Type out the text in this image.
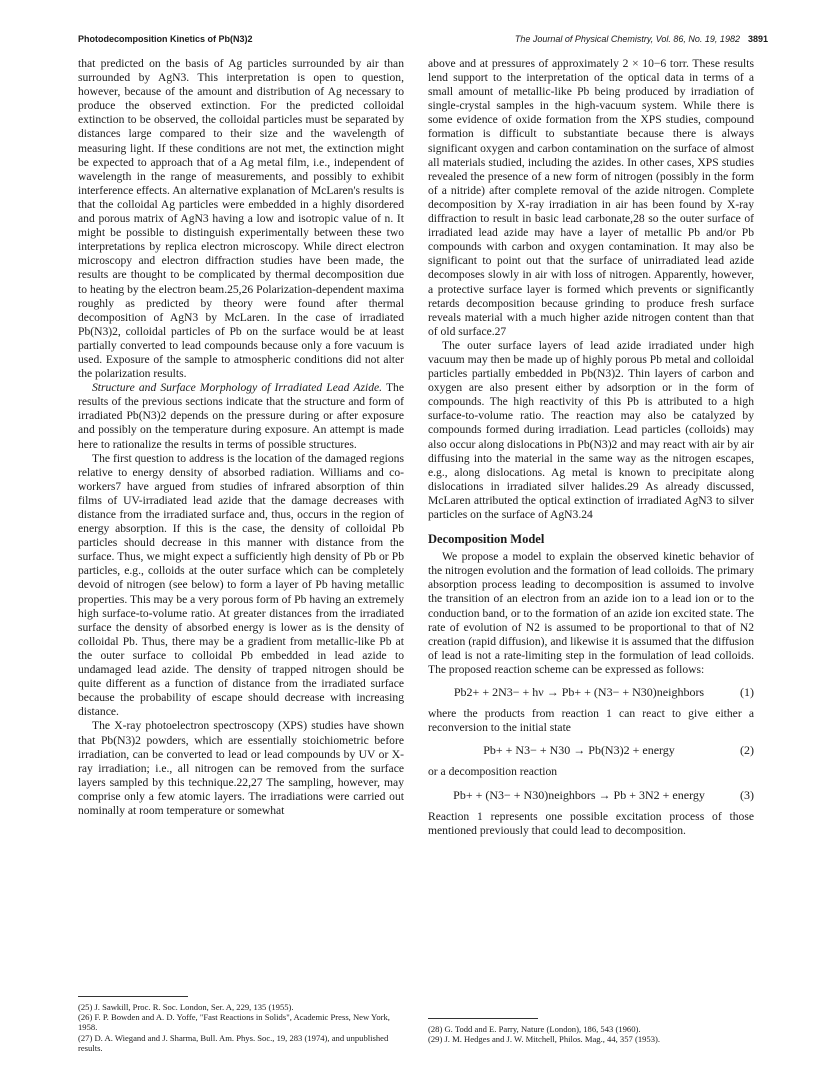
Photodecomposition Kinetics of Pb(N3)2	The Journal of Physical Chemistry, Vol. 86, No. 19, 1982 3891

that predicted on the basis of Ag particles surrounded by air than surrounded by AgN3. This interpretation is open to question, however, because of the amount and distribution of Ag necessary to produce the observed extinction. For the predicted colloidal extinction to be observed, the colloidal particles must be separated by distances large compared to their size and the wavelength of measuring light. If these conditions are not met, the extinction might be expected to approach that of a Ag metal film, i.e., independent of wavelength in the range of measurements, and possibly to exhibit interference effects. An alternative explanation of McLaren's results is that the colloidal Ag particles were embedded in a highly disordered and porous matrix of AgN3 having a low and isotropic value of n. It might be possible to distinguish experimentally between these two interpretations by replica electron microscopy. While direct electron microscopy and electron diffraction studies have been made, the results are thought to be complicated by thermal decomposition due to heating by the electron beam.25,26 Polarization-dependent maxima roughly as predicted by theory were found after thermal decomposition of AgN3 by McLaren. In the case of irradiated Pb(N3)2, colloidal particles of Pb on the surface would be at least partially converted to lead compounds because only a fore vacuum is used. Exposure of the sample to atmospheric conditions did not alter the polarization results.

Structure and Surface Morphology of Irradiated Lead Azide. The results of the previous sections indicate that the structure and form of irradiated Pb(N3)2 depends on the pressure during or after exposure and possibly on the temperature during exposure. An attempt is made here to rationalize the results in terms of possible structures.

The first question to address is the location of the damaged regions relative to energy density of absorbed radiation. Williams and co-workers7 have argued from studies of infrared absorption of thin films of UV-irradiated lead azide that the damage decreases with distance from the irradiated surface and, thus, occurs in the region of energy absorption. If this is the case, the density of colloidal Pb particles should decrease in this manner with distance from the surface. Thus, we might expect a sufficiently high density of Pb or Pb particles, e.g., colloids at the outer surface which can be completely devoid of nitrogen (see below) to form a layer of Pb having metallic properties. This may be a very porous form of Pb having an extremely high surface-to-volume ratio. At greater distances from the irradiated surface the density of absorbed energy is lower as is the density of colloidal Pb. Thus, there may be a gradient from metallic-like Pb at the outer surface to colloidal Pb embedded in lead azide to undamaged lead azide. The density of trapped nitrogen should be quite different as a function of distance from the irradiated surface because the probability of escape should decrease with increasing distance.

The X-ray photoelectron spectroscopy (XPS) studies have shown that Pb(N3)2 powders, which are essentially stoichiometric before irradiation, can be converted to lead or lead compounds by UV or X-ray irradiation; i.e., all nitrogen can be removed from the surface layers sampled by this technique.22,27 The sampling, however, may comprise only a few atomic layers. The irradiations were carried out nominally at room temperature or somewhat

above and at pressures of approximately 2 × 10−6 torr. These results lend support to the interpretation of the optical data in terms of a small amount of metallic-like Pb being produced by irradiation of single-crystal samples in the high-vacuum system. While there is some evidence of oxide formation from the XPS studies, compound formation is difficult to substantiate because there is always significant oxygen and carbon contamination on the surface of almost all materials studied, including the azides. In other cases, XPS studies revealed the presence of a new form of nitrogen (possibly in the form of a nitride) after complete removal of the azide nitrogen. Complete decomposition by X-ray irradiation in air has been found by X-ray diffraction to result in basic lead carbonate,28 so the outer surface of irradiated lead azide may have a layer of metallic Pb and/or Pb compounds with carbon and oxygen contamination. It may also be significant to point out that the surface of unirradiated lead azide decomposes slowly in air with loss of nitrogen. Apparently, however, a protective surface layer is formed which prevents or significantly retards decomposition because grinding to produce fresh surface reveals material with a much higher azide nitrogen content than that of old surface.27

The outer surface layers of lead azide irradiated under high vacuum may then be made up of highly porous Pb metal and colloidal particles partially embedded in Pb(N3)2. Thin layers of carbon and oxygen are also present either by adsorption or in the form of compounds. The high reactivity of this Pb is attributed to a high surface-to-volume ratio. The reaction may also be catalyzed by compounds formed during irradiation. Lead particles (colloids) may also occur along dislocations in Pb(N3)2 and may react with air by air diffusing into the material in the same way as the nitrogen escapes, e.g., along dislocations. Ag metal is known to precipitate along dislocations in irradiated silver halides.29 As already discussed, McLaren attributed the optical extinction of irradiated AgN3 to silver particles on the surface of AgN3.24

Decomposition Model

We propose a model to explain the observed kinetic behavior of the nitrogen evolution and the formation of lead colloids. The primary absorption process leading to decomposition is assumed to involve the transition of an electron from an azide ion to a lead ion or to the conduction band, or to the formation of an azide ion excited state. The rate of evolution of N2 is assumed to be proportional to that of N2 creation (rapid diffusion), and likewise it is assumed that the diffusion of lead is not a rate-limiting step in the formulation of lead colloids. The proposed reaction scheme can be expressed as follows:

Pb2+ + 2N3− + hν → Pb+ + (N3− + N30)neighbors	(1)

where the products from reaction 1 can react to give either a reconversion to the initial state

Pb+ + N3− + N30 → Pb(N3)2 + energy	(2)

or a decomposition reaction

Pb+ + (N3− + N30)neighbors → Pb + 3N2 + energy	(3)

Reaction 1 represents one possible excitation process of those mentioned previously that could lead to decomposition.

(25) J. Sawkill, Proc. R. Soc. London, Ser. A, 229, 135 (1955).

(26) F. P. Bowden and A. D. Yoffe, "Fast Reactions in Solids", Academic Press, New York, 1958.

(27) D. A. Wiegand and J. Sharma, Bull. Am. Phys. Soc., 19, 283 (1974), and unpublished results.

(28) G. Todd and E. Parry, Nature (London), 186, 543 (1960).

(29) J. M. Hedges and J. W. Mitchell, Philos. Mag., 44, 357 (1953).
